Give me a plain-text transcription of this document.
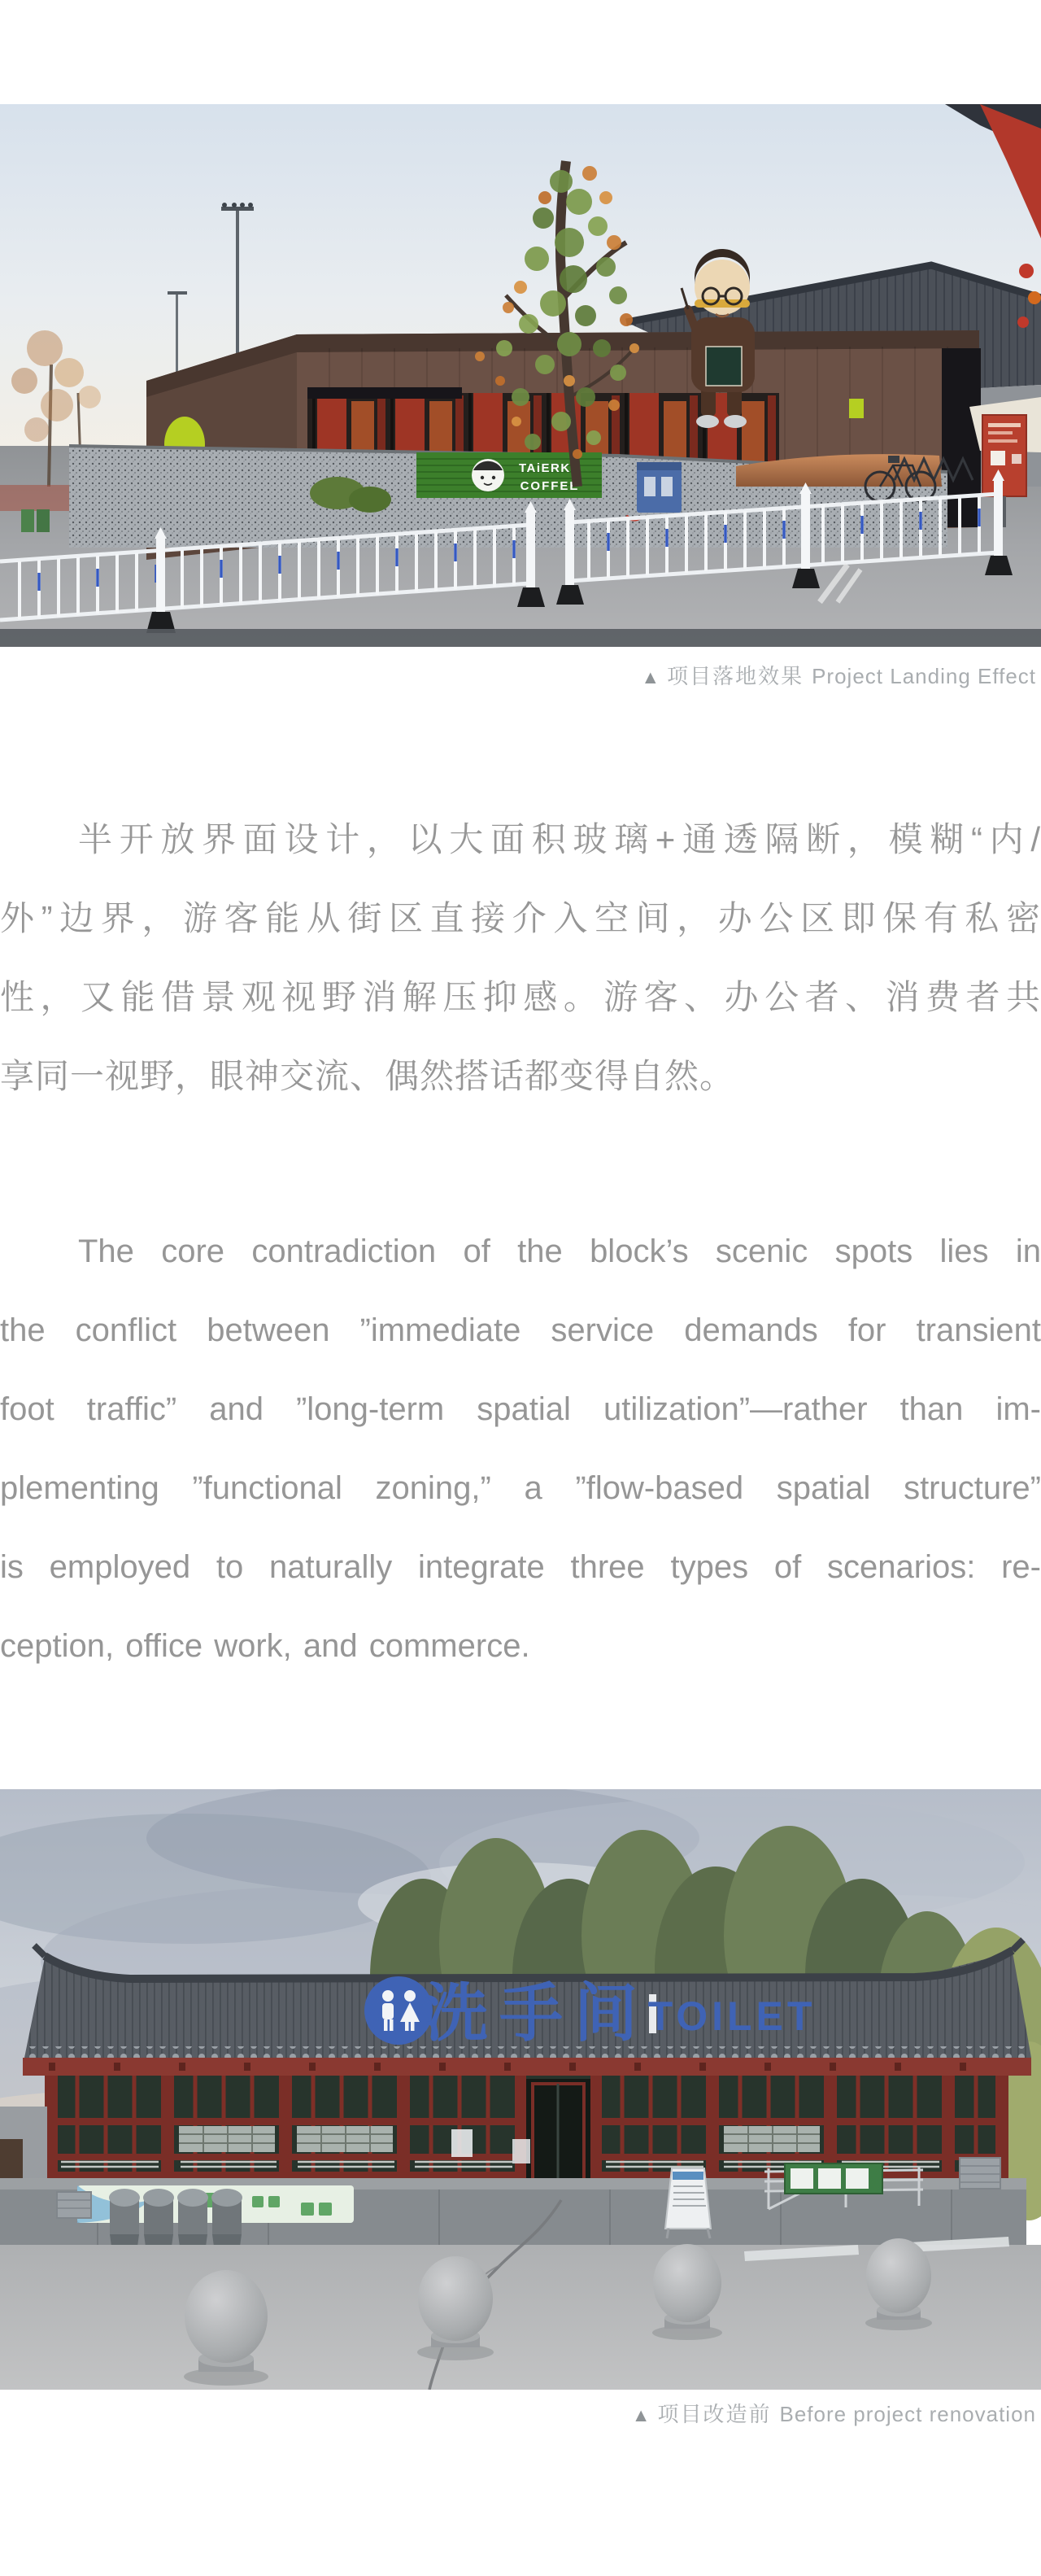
TAiERKA
COFFEE
▲ 项目落地效果 Project Landing Effect
半开放界面设计，以大面积玻璃+通透隔断，模糊“内/
外”边界，游客能从街区直接介入空间，办公区即保有私密
性，又能借景观视野消解压抑感。游客、办公者、消费者共
享同一视野，眼神交流、偶然搭话都变得自然。
The core contradiction of the block’s scenic spots lies in
the conflict between ”immediate service demands for transient
foot traffic” and ”long-term spatial utilization”—rather than im-
plementing ”functional zoning,” a ”flow-based spatial structure”
is employed to naturally integrate three types of scenarios: re-
ception, office work, and commerce.
洗手间
TOILET
▲ 项目改造前 Before project renovation
